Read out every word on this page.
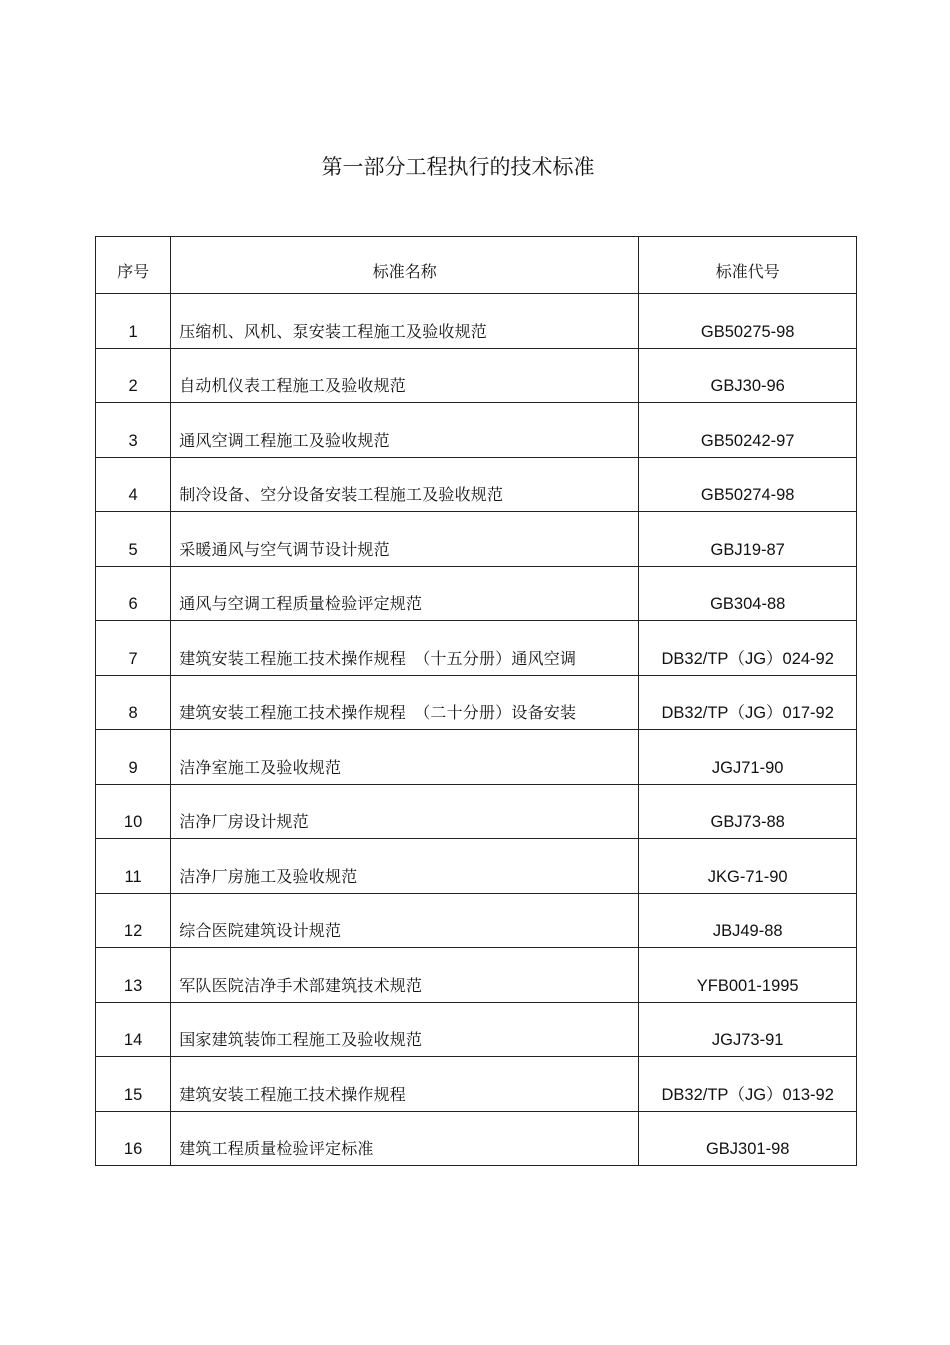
第一部分工程执行的技术标准
序号	标准名称	标准代号
1	压缩机、风机、泵安装工程施工及验收规范	GB50275-98
2	自动机仪表工程施工及验收规范	GBJ30-96
3	通风空调工程施工及验收规范	GB50242-97
4	制冷设备、空分设备安装工程施工及验收规范	GB50274-98
5	采暖通风与空气调节设计规范	GBJ19-87
6	通风与空调工程质量检验评定规范	GB304-88
7	建筑安装工程施工技术操作规程　（十五分册）通风空调	DB32/TP（JG）024-92
8	建筑安装工程施工技术操作规程　（二十分册）设备安装	DB32/TP（JG）017-92
9	洁净室施工及验收规范	JGJ71-90
10	洁净厂房设计规范	GBJ73-88
11	洁净厂房施工及验收规范	JKG-71-90
12	综合医院建筑设计规范	JBJ49-88
13	军队医院洁净手术部建筑技术规范	YFB001-1995
14	国家建筑装饰工程施工及验收规范	JGJ73-91
15	建筑安装工程施工技术操作规程	DB32/TP（JG）013-92
16	建筑工程质量检验评定标准	GBJ301-98
